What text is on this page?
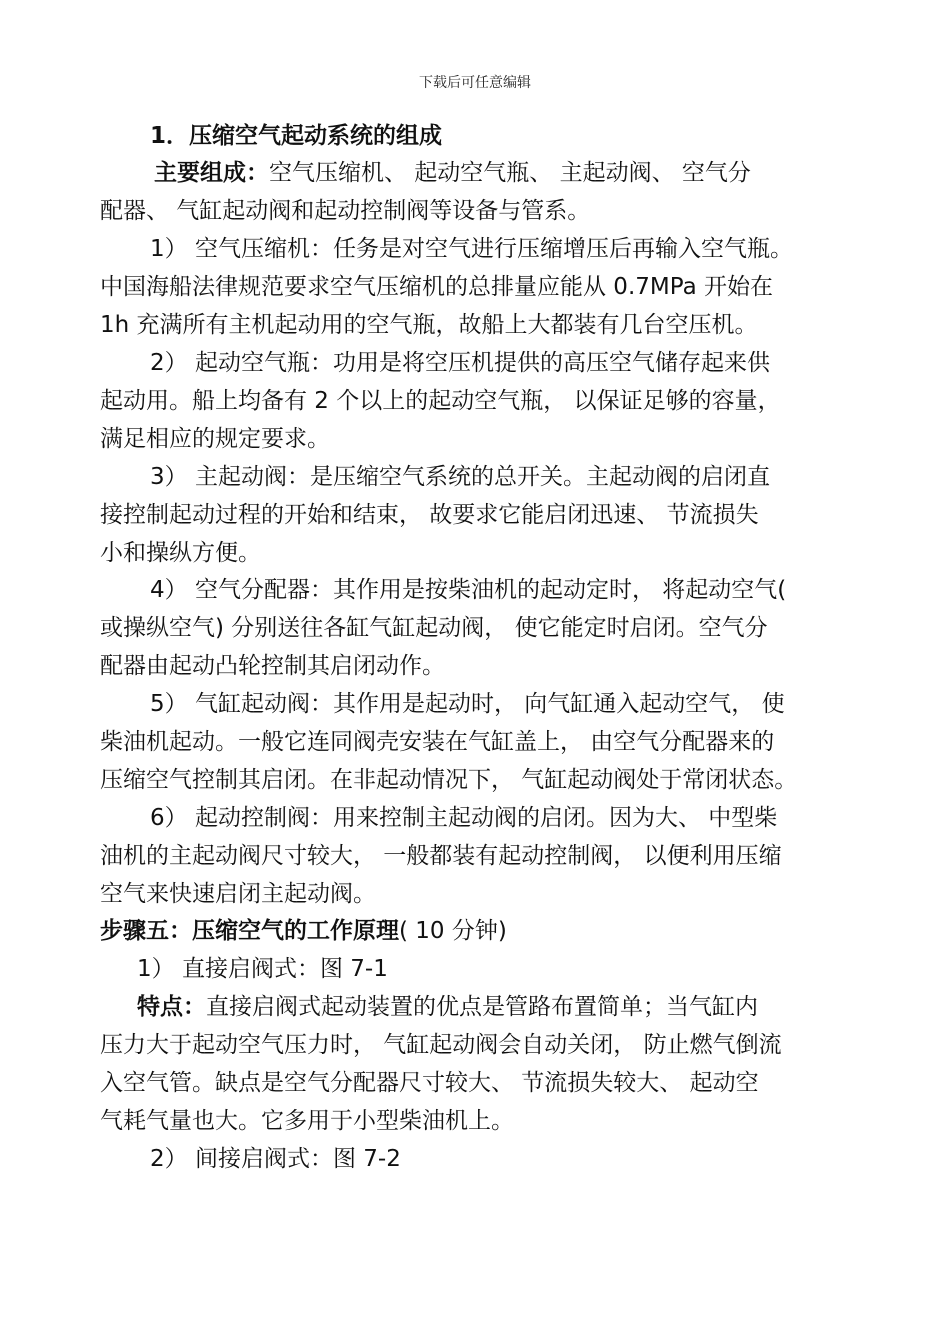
下载后可任意编辑
1．压缩空气起动系统的组成
主要组成：空气压缩机、 起动空气瓶、 主起动阀、 空气分
配器、 气缸起动阀和起动控制阀等设备与管系。
1） 空气压缩机：任务是对空气进行压缩增压后再输入空气瓶。
中国海船法律规范要求空气压缩机的总排量应能从 0.7MPa 开始在
1h 充满所有主机起动用的空气瓶，故船上大都装有几台空压机。
2） 起动空气瓶：功用是将空压机提供的高压空气储存起来供
起动用。船上均备有 2 个以上的起动空气瓶， 以保证足够的容量，
满足相应的规定要求。
3） 主起动阀：是压缩空气系统的总开关。主起动阀的启闭直
接控制起动过程的开始和结束， 故要求它能启闭迅速、 节流损失
小和操纵方便。
4） 空气分配器：其作用是按柴油机的起动定时， 将起动空气(
或操纵空气) 分别送往各缸气缸起动阀， 使它能定时启闭。空气分
配器由起动凸轮控制其启闭动作。
5） 气缸起动阀：其作用是起动时， 向气缸通入起动空气， 使
柴油机起动。一般它连同阀壳安装在气缸盖上， 由空气分配器来的
压缩空气控制其启闭。在非起动情况下， 气缸起动阀处于常闭状态。
6） 起动控制阀：用来控制主起动阀的启闭。因为大、 中型柴
油机的主起动阀尺寸较大， 一般都装有起动控制阀， 以便利用压缩
空气来快速启闭主起动阀。
步骤五：压缩空气的工作原理( 10 分钟)
1） 直接启阀式：图 7-1
特点：直接启阀式起动装置的优点是管路布置简单；当气缸内
压力大于起动空气压力时， 气缸起动阀会自动关闭， 防止燃气倒流
入空气管。缺点是空气分配器尺寸较大、 节流损失较大、 起动空
气耗气量也大。它多用于小型柴油机上。
2） 间接启阀式：图 7-2
